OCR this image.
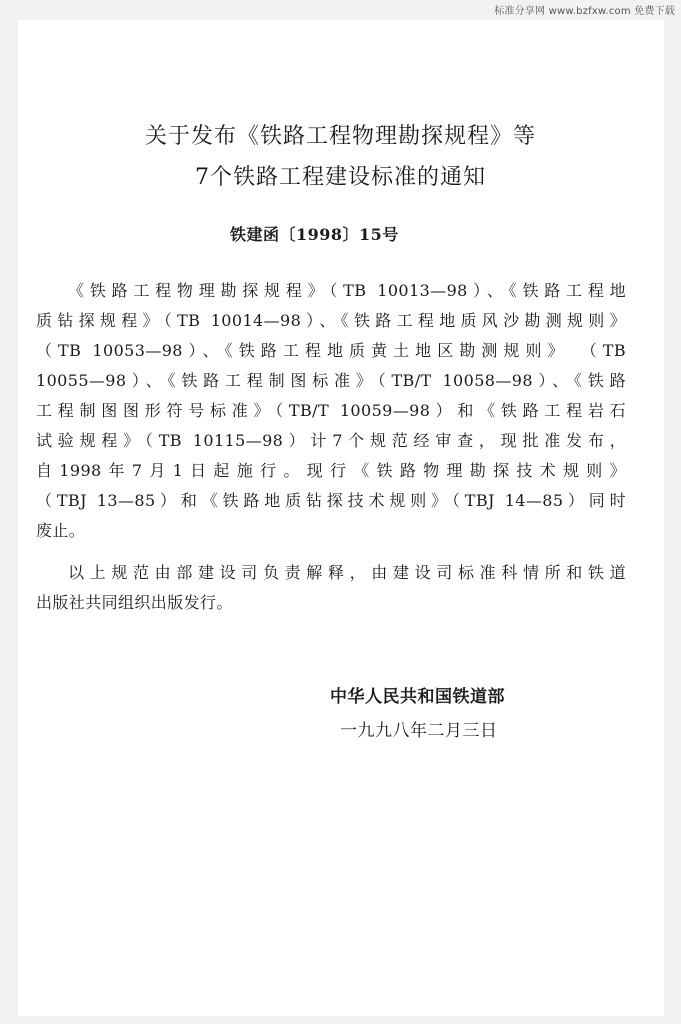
标准分享网 www.bzfxw.com 免费下载
关于发布《铁路工程物理勘探规程》等
7个铁路工程建设标准的通知
铁建函〔1998〕15号
《铁路工程物理勘探规程》（TB 10013—98）、《铁路工程地
质钻探规程》（TB 10014—98）、《铁路工程地质风沙勘测规则》
（TB 10053—98）、《铁路工程地质黄土地区勘测规则》 （TB
10055—98）、《铁路工程制图标准》（TB/T 10058—98）、《铁路
工程制图图形符号标准》（TB/T 10059—98）和《铁路工程岩石
试验规程》（TB 10115—98）计7个规范经审查，现批准发布，
自1998年7月1日起施行。现行《铁路物理勘探技术规则》
（TBJ 13—85）和《铁路地质钻探技术规则》（TBJ 14—85）同时
废止。
以上规范由部建设司负责解释，由建设司标准科情所和铁道
出版社共同组织出版发行。
中华人民共和国铁道部
一九九八年二月三日
